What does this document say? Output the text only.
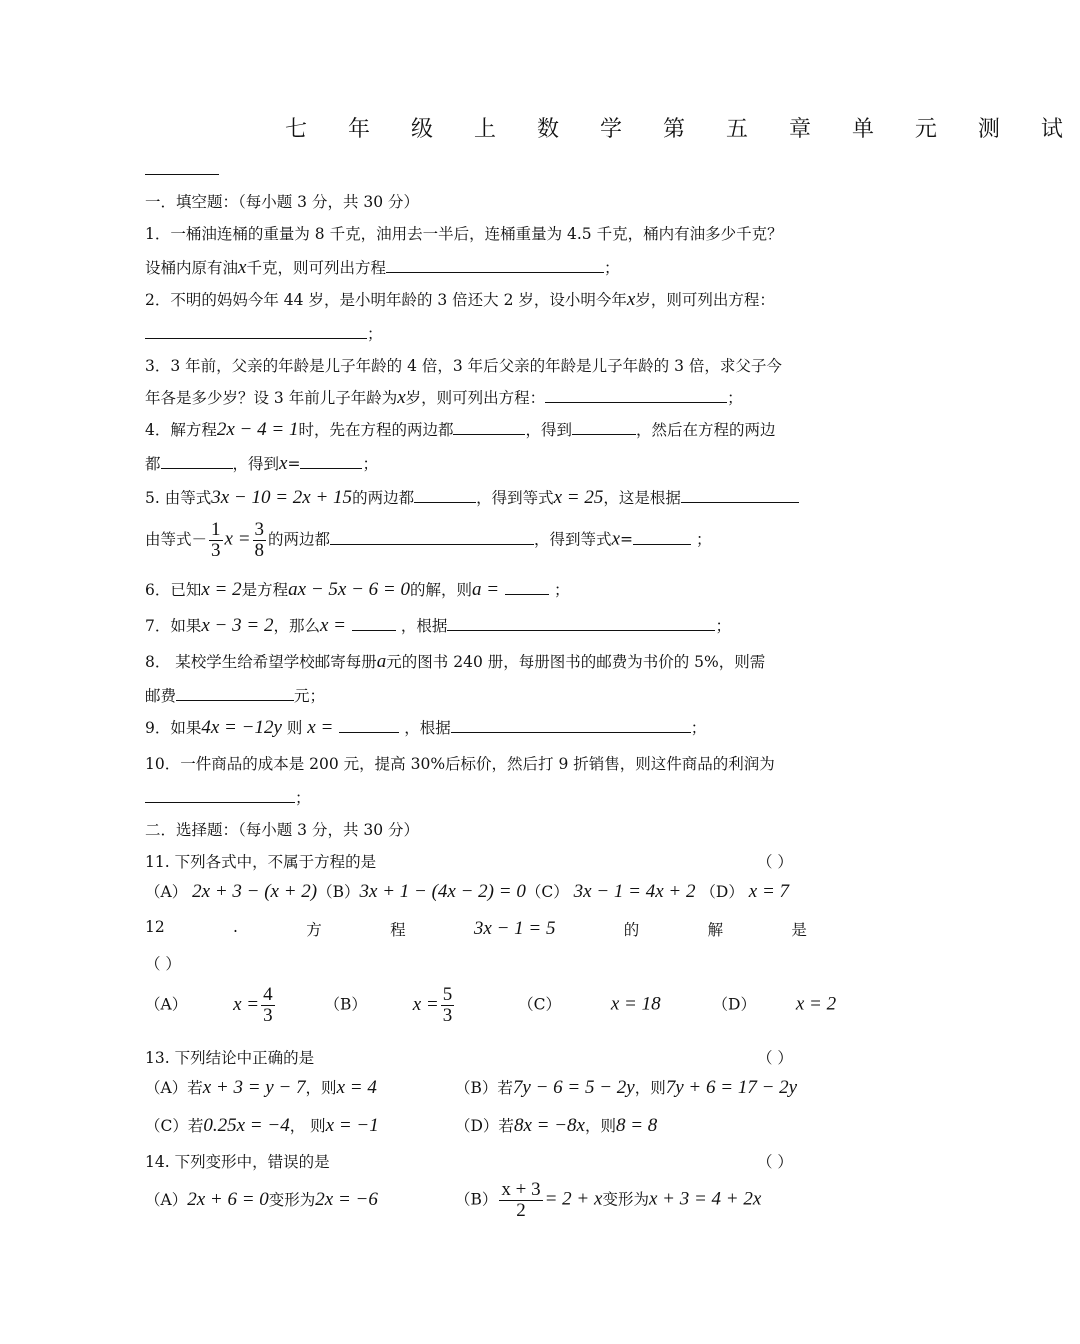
七 年 级 上 数 学 第 五 章 单 元 测 试
一．填空题：（每小题 3 分，共 30 分）
1．一桶油连桶的重量为 8 千克，油用去一半后，连桶重量为 4.5 千克，桶内有油多少千克？
设桶内原有油x千克，则可列出方程	；
2．不明的妈妈今年 44 岁，是小明年龄的 3 倍还大 2 岁，设小明今年x岁，则可列出方程：
；
3．3 年前，父亲的年龄是儿子年龄的 4 倍，3 年后父亲的年龄是儿子年龄的 3 倍，求父子今
年各是多少岁？设 3 年前儿子年龄为x岁，则可列出方程：	；
4．解方程2x − 4 = 1时，先在方程的两边都	，得到	，然后在方程的两边
都	，得到x=	；
5. 由等式3x − 10 = 2x + 15的两边都	，得到等式x = 25，这是根据
由等式－ $\frac{1}{3}$ $x = \frac{3}{8}$ 的两边都	，得到等式x=	；
6．已知x = 2是方程ax − 5x − 6 = 0的解，则a =	；
7．如果x − 3 = 2，那么x =	，根据	；
8． 某校学生给希望学校邮寄每册a元的图书 240 册，每册图书的邮费为书价的 5%，则需
邮费	元；
9．如果4x = −12y 则 x =	，根据	；
10．一件商品的成本是 200 元，提高 30%后标价，然后打 9 折销售，则这件商品的利润为
；
二．选择题：（每小题 3 分，共 30 分）
11. 下列各式中，不属于方程的是	（ ）
（A） 2x + 3 − (x + 2)（B）3x + 1 − (4x − 2) = 0（C） 3x − 1 = 4x + 2 （D） x = 7
12	.	方	程	3x − 1 = 5	的	解	是
（ ）
（A） $x = \frac{4}{3}$	（B） $x = \frac{5}{3}$	（C）	x = 18	（D） x = 2
13. 下列结论中正确的是	（ ）
（A）若x + 3 = y − 7，则x = 4	（B）若7y − 6 = 5 − 2y，则7y + 6 = 17 − 2y
（C）若0.25x = −4， 则x = −1	（D）若8x = −8x，则8 = 8
14. 下列变形中，错误的是	（ ）
（A）2x + 6 = 0变形为2x = −6	$(B) \frac{x + 3}{2} = 2 + x$变形为x + 3 = 4 + 2x
